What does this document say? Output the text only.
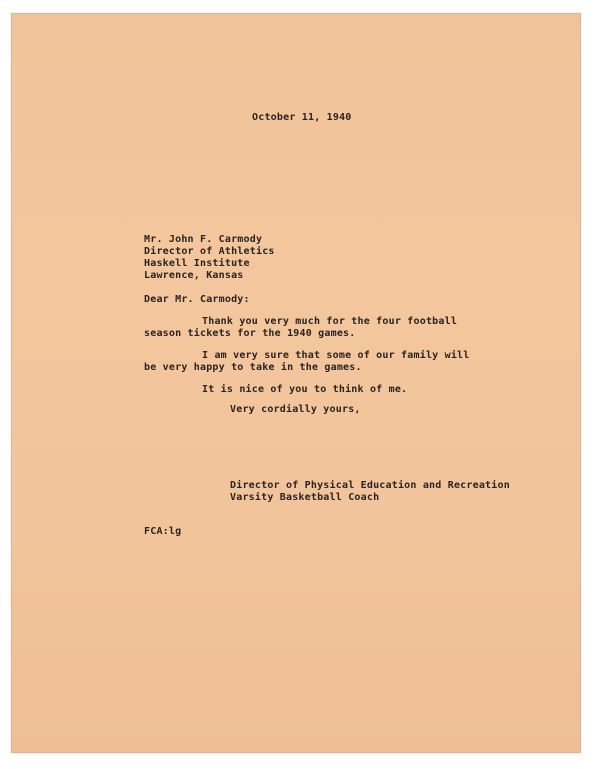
October 11, 1940
Mr. John F. Carmody
Director of Athletics
Haskell Institute
Lawrence, Kansas
Dear Mr. Carmody:
Thank you very much for the four football
season tickets for the 1940 games.
I am very sure that some of our family will
be very happy to take in the games.
It is nice of you to think of me.
Very cordially yours,
Director of Physical Education and Recreation
Varsity Basketball Coach
FCA:lg
